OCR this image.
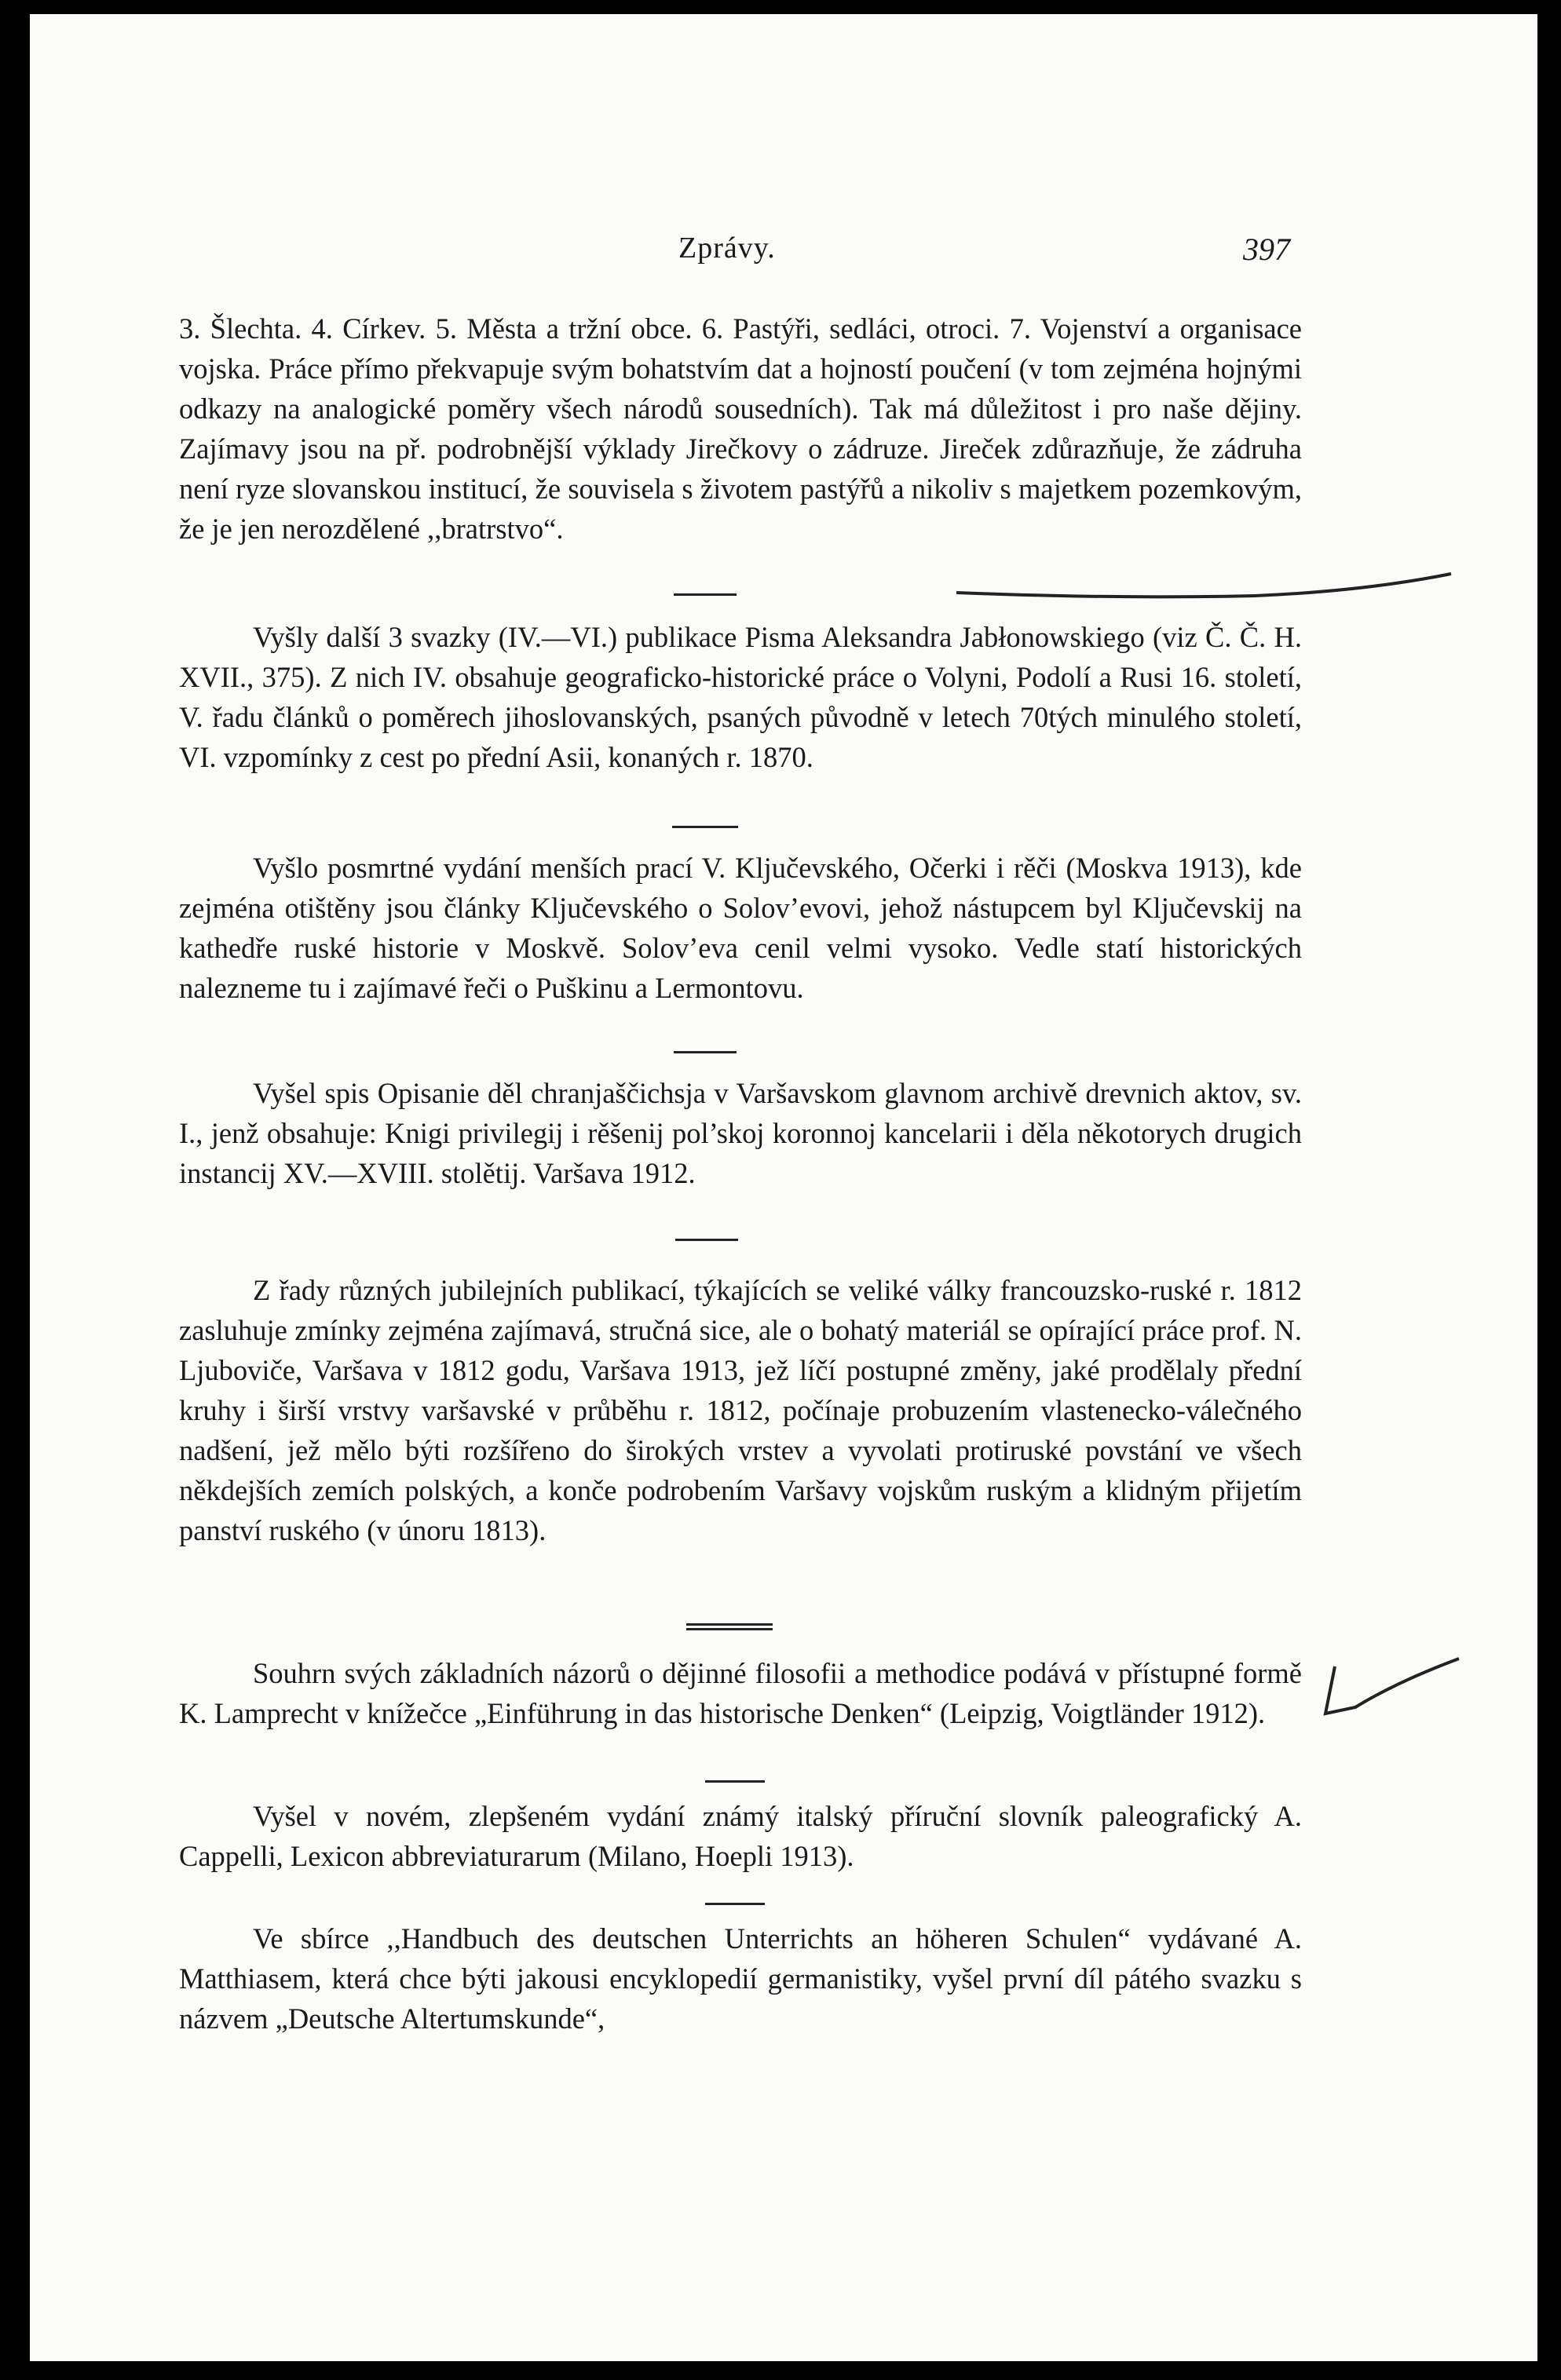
Zprávy.	397

3. Šlechta. 4. Církev. 5. Města a tržní obce. 6. Pastýři, sedláci, otroci. 7. Vojenství a organisace vojska. Práce přímo překvapuje svým bohatstvím dat a hojností poučení (v tom zejména hojnými odkazy na analogické poměry všech národů sousedních). Tak má důležitost i pro naše dějiny. Zajímavy jsou na př. podrobnější výklady Jirečkovy o zádruze. Jireček zdůrazňuje, že zádruha není ryze slovanskou institucí, že souvisela s životem pastýřů a nikoliv s majetkem pozemkovým, že je jen nerozdělené ,,bratrstvo“.

Vyšly další 3 svazky (IV.—VI.) publikace Pisma Aleksandra Jabłonowskiego (viz Č. Č. H. XVII., 375). Z nich IV. obsahuje geograficko-historické práce o Volyni, Podolí a Rusi 16. století, V. řadu článků o poměrech jihoslovanských, psaných původně v letech 70tých minulého století, VI. vzpomínky z cest po přední Asii, konaných r. 1870.

Vyšlo posmrtné vydání menších prací V. Ključevského, Očerki i rěči (Moskva 1913), kde zejména otištěny jsou články Ključevského o Solov’evovi, jehož nástupcem byl Ključevskij na kathedře ruské historie v Moskvě. Solov’eva cenil velmi vysoko. Vedle statí historických nalezneme tu i zajímavé řeči o Puškinu a Lermontovu.

Vyšel spis Opisanie děl chranjaščichsja v Varšavskom glavnom archivě drevnich aktov, sv. I., jenž obsahuje: Knigi privilegij i rěšenij pol’skoj koronnoj kancelarii i děla někotorych drugich instancij XV.—XVIII. stolětij. Varšava 1912.

Z řady různých jubilejních publikací, týkajících se veliké války francouzsko-ruské r. 1812 zasluhuje zmínky zejména zajímavá, stručná sice, ale o bohatý materiál se opírající práce prof. N. Ljuboviče, Varšava v 1812 godu, Varšava 1913, jež líčí postupné změny, jaké prodělaly přední kruhy i širší vrstvy varšavské v průběhu r. 1812, počínaje probuzením vlastenecko-válečného nadšení, jež mělo býti rozšířeno do širokých vrstev a vyvolati protiruské povstání ve všech někdejších zemích polských, a konče podrobením Varšavy vojskům ruským a klidným přijetím panství ruského (v únoru 1813).

Souhrn svých základních názorů o dějinné filosofii a methodice podává v přístupné formě K. Lamprecht v knížečce „Einführung in das historische Denken“ (Leipzig, Voigtländer 1912).

Vyšel v novém, zlepšeném vydání známý italský příruční slovník paleografický A. Cappelli, Lexicon abbreviaturarum (Milano, Hoepli 1913).

Ve sbírce ,,Handbuch des deutschen Unterrichts an höheren Schulen“ vydávané A. Matthiasem, která chce býti jakousi encyklopedií germanistiky, vyšel první díl pátého svazku s názvem „Deutsche Altertumskunde“,
